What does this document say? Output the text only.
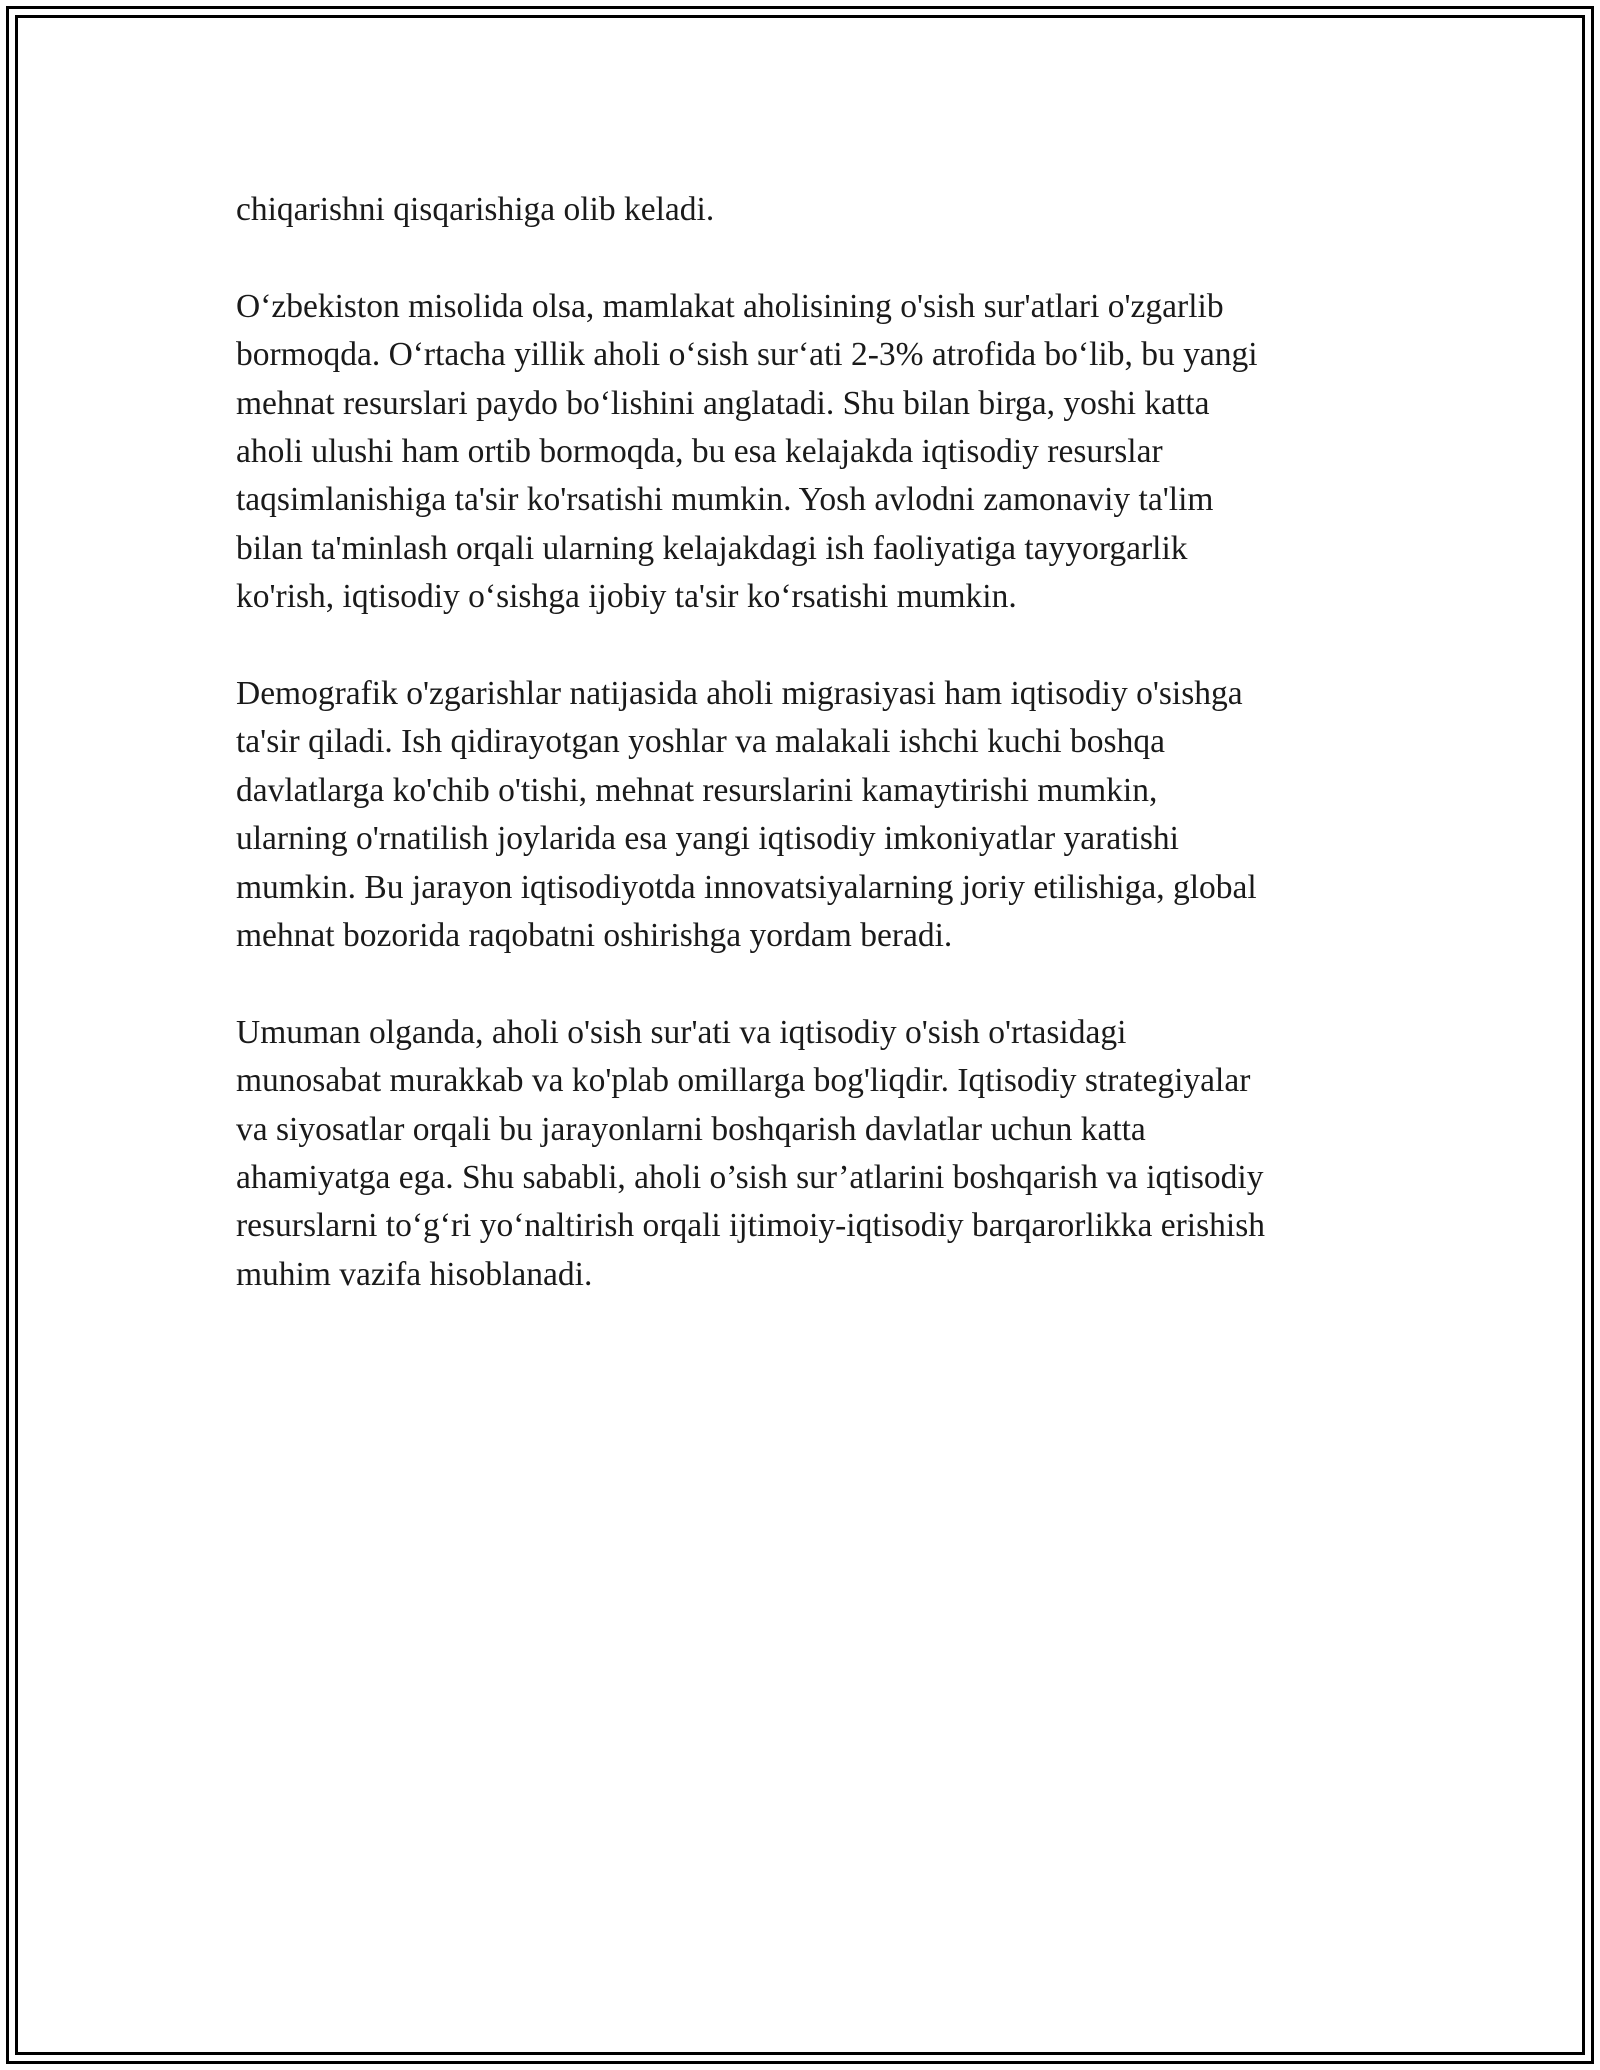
chiqarishni qisqarishiga olib keladi.

O‘zbekiston misolida olsa, mamlakat aholisining o'sish sur'atlari o'zgarlib
bormoqda. O‘rtacha yillik aholi o‘sish sur‘ati 2-3% atrofida bo‘lib, bu yangi
mehnat resurslari paydo bo‘lishini anglatadi. Shu bilan birga, yoshi katta
aholi ulushi ham ortib bormoqda, bu esa kelajakda iqtisodiy resurslar
taqsimlanishiga ta'sir ko'rsatishi mumkin. Yosh avlodni zamonaviy ta'lim
bilan ta'minlash orqali ularning kelajakdagi ish faoliyatiga tayyorgarlik
ko'rish, iqtisodiy o‘sishga ijobiy ta'sir ko‘rsatishi mumkin.

Demografik o'zgarishlar natijasida aholi migrasiyasi ham iqtisodiy o'sishga
ta'sir qiladi. Ish qidirayotgan yoshlar va malakali ishchi kuchi boshqa
davlatlarga ko'chib o'tishi, mehnat resurslarini kamaytirishi mumkin,
ularning o'rnatilish joylarida esa yangi iqtisodiy imkoniyatlar yaratishi
mumkin. Bu jarayon iqtisodiyotda innovatsiyalarning joriy etilishiga, global
mehnat bozorida raqobatni oshirishga yordam beradi.

Umuman olganda, aholi o'sish sur'ati va iqtisodiy o'sish o'rtasidagi
munosabat murakkab va ko'plab omillarga bog'liqdir. Iqtisodiy strategiyalar
va siyosatlar orqali bu jarayonlarni boshqarish davlatlar uchun katta
ahamiyatga ega. Shu sababli, aholi o’sish sur’atlarini boshqarish va iqtisodiy
resurslarni to‘g‘ri yo‘naltirish orqali ijtimoiy-iqtisodiy barqarorlikka erishish
muhim vazifa hisoblanadi.
